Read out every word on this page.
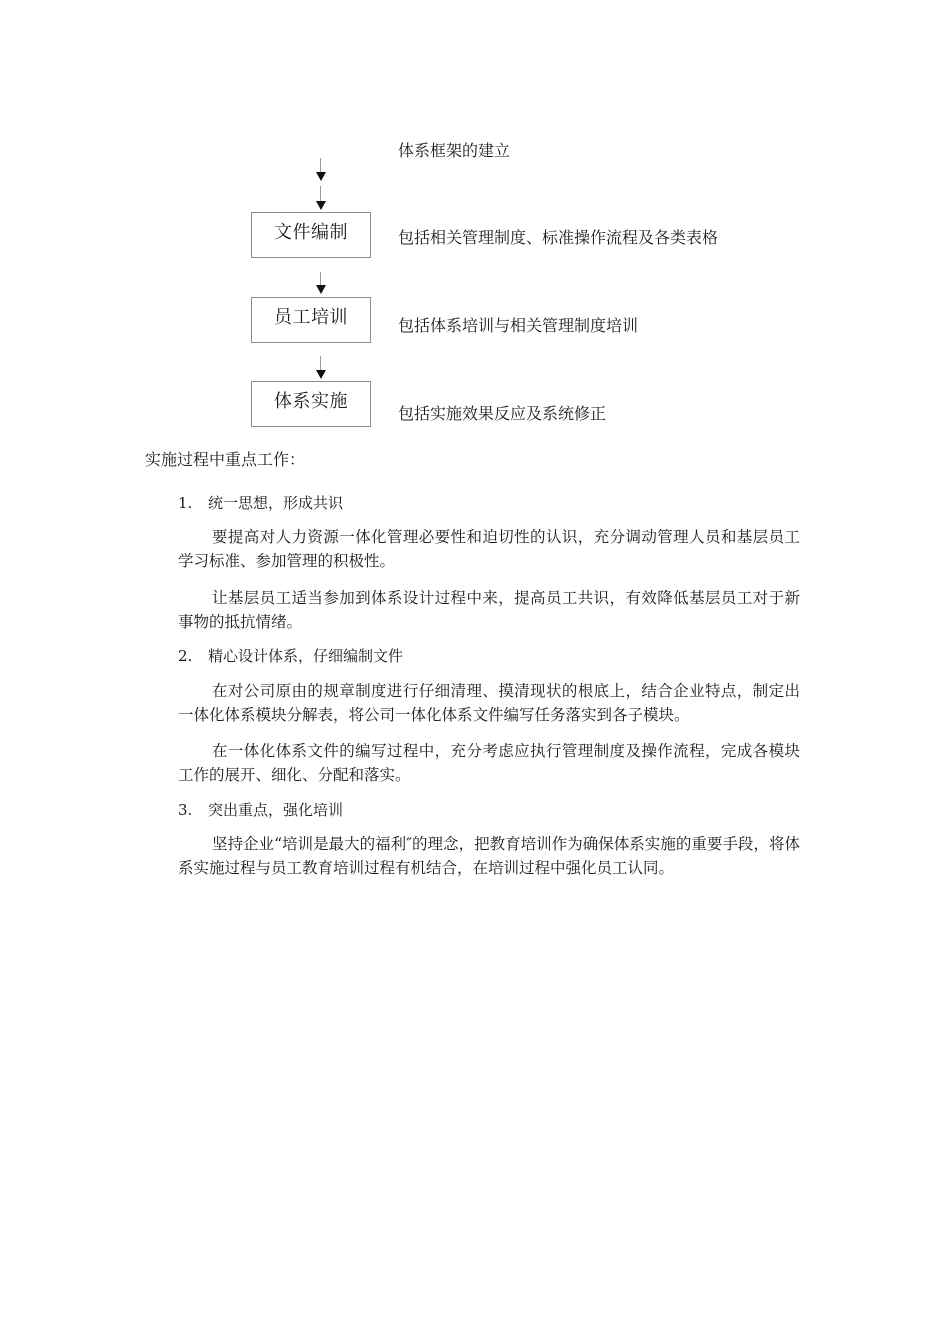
体系框架的建立
文件编制	包括相关管理制度、标准操作流程及各类表格
员工培训	包括体系培训与相关管理制度培训
体系实施
包括实施效果反应及系统修正
实施过程中重点工作：
1. 统一思想，形成共识
要提高对人力资源一体化管理必要性和迫切性的认识，充分调动管理人员和基层员工学习标准、参加管理的积极性。
让基层员工适当参加到体系设计过程中来，提高员工共识，有效降低基层员工对于新事物的抵抗情绪。
2. 精心设计体系，仔细编制文件
在对公司原由的规章制度进行仔细清理、摸清现状的根底上，结合企业特点，制定出一体化体系模块分解表，将公司一体化体系文件编写任务落实到各子模块。
在一体化体系文件的编写过程中，充分考虑应执行管理制度及操作流程，完成各模块工作的展开、细化、分配和落实。
3. 突出重点，强化培训
坚持企业“培训是最大的福利″的理念，把教育培训作为确保体系实施的重要手段，将体系实施过程与员工教育培训过程有机结合，在培训过程中强化员工认同。
